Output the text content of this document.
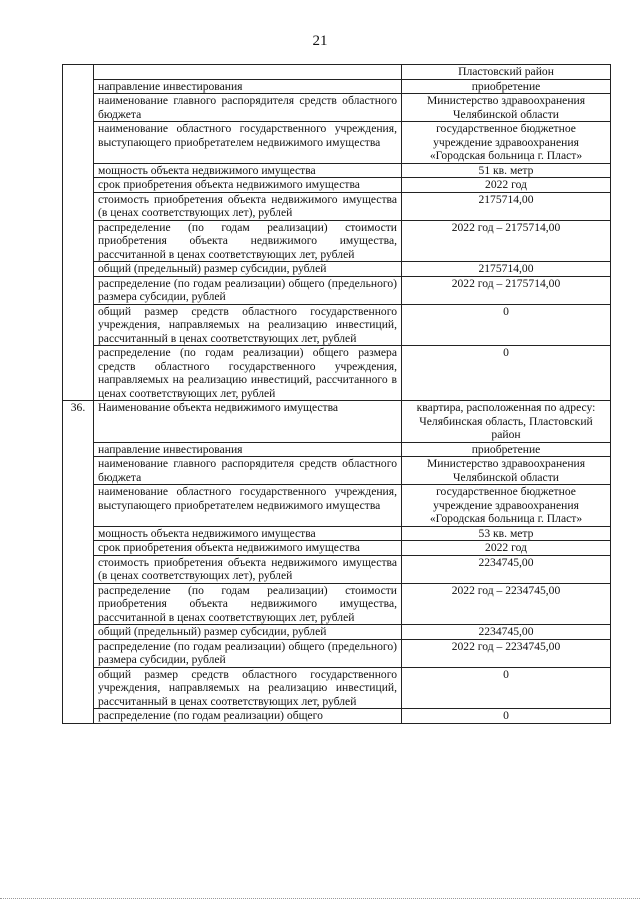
21
		Пластовский район
	направление инвестирования	приобретение
	наименование главного распорядителя средств областного бюджета	Министерство здравоохранения Челябинской области
	наименование областного государственного учреждения, выступающего приобретателем недвижимого имущества	государственное бюджетное учреждение здравоохранения «Городская больница г. Пласт»
	мощность объекта недвижимого имущества	51 кв. метр
	срок приобретения объекта недвижимого имущества	2022 год
	стоимость приобретения объекта недвижимого имущества (в ценах соответствующих лет), рублей	2175714,00
	распределение (по годам реализации) стоимости приобретения объекта недвижимого имущества, рассчитанной в ценах соответствующих лет, рублей	2022 год – 2175714,00
	общий (предельный) размер субсидии, рублей	2175714,00
	распределение (по годам реализации) общего (предельного) размера субсидии, рублей	2022 год – 2175714,00
	общий размер средств областного государственного учреждения, направляемых на реализацию инвестиций, рассчитанный в ценах соответствующих лет, рублей	0
	распределение (по годам реализации) общего размера средств областного государственного учреждения, направляемых на реализацию инвестиций, рассчитанного в ценах соответствующих лет, рублей	0
36.	Наименование объекта недвижимого имущества	квартира, расположенная по адресу: Челябинская область, Пластовский район
	направление инвестирования	приобретение
	наименование главного распорядителя средств областного бюджета	Министерство здравоохранения Челябинской области
	наименование областного государственного учреждения, выступающего приобретателем недвижимого имущества	государственное бюджетное учреждение здравоохранения «Городская больница г. Пласт»
	мощность объекта недвижимого имущества	53 кв. метр
	срок приобретения объекта недвижимого имущества	2022 год
	стоимость приобретения объекта недвижимого имущества (в ценах соответствующих лет), рублей	2234745,00
	распределение (по годам реализации) стоимости приобретения объекта недвижимого имущества, рассчитанной в ценах соответствующих лет, рублей	2022 год – 2234745,00
	общий (предельный) размер субсидии, рублей	2234745,00
	распределение (по годам реализации) общего (предельного) размера субсидии, рублей	2022 год – 2234745,00
	общий размер средств областного государственного учреждения, направляемых на реализацию инвестиций, рассчитанный в ценах соответствующих лет, рублей	0
	распределение (по годам реализации) общего	0
